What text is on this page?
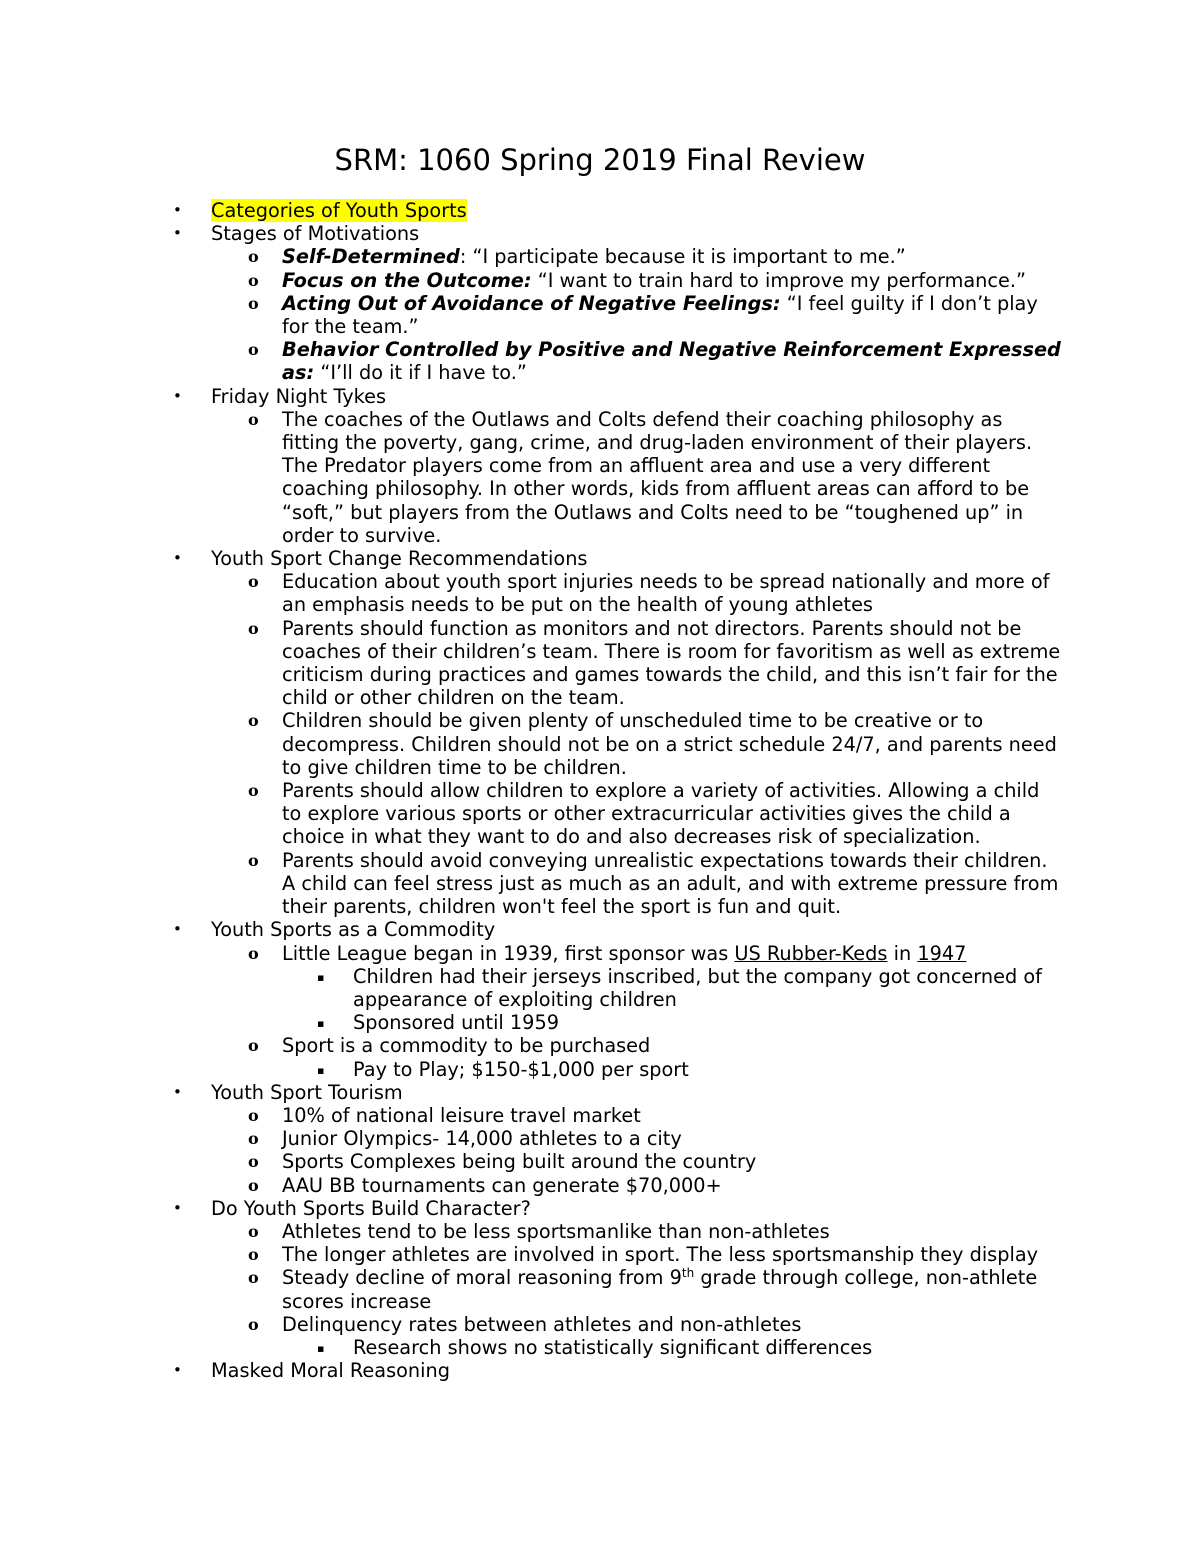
SRM: 1060 Spring 2019 Final Review
• Categories of Youth Sports
• Stages of Motivations
o Self-Determined: “I participate because it is important to me.”
o Focus on the Outcome: “I want to train hard to improve my performance.”
o Acting Out of Avoidance of Negative Feelings: “I feel guilty if I don’t play for the team.”
o Behavior Controlled by Positive and Negative Reinforcement Expressed as: “I’ll do it if I have to.”
• Friday Night Tykes
o The coaches of the Outlaws and Colts defend their coaching philosophy as fitting the poverty, gang, crime, and drug-laden environment of their players. The Predator players come from an affluent area and use a very different coaching philosophy. In other words, kids from affluent areas can afford to be “soft,” but players from the Outlaws and Colts need to be “toughened up” in order to survive.
• Youth Sport Change Recommendations
o Education about youth sport injuries needs to be spread nationally and more of an emphasis needs to be put on the health of young athletes
o Parents should function as monitors and not directors. Parents should not be coaches of their children’s team. There is room for favoritism as well as extreme criticism during practices and games towards the child, and this isn’t fair for the child or other children on the team.
o Children should be given plenty of unscheduled time to be creative or to decompress. Children should not be on a strict schedule 24/7, and parents need to give children time to be children.
o Parents should allow children to explore a variety of activities. Allowing a child to explore various sports or other extracurricular activities gives the child a choice in what they want to do and also decreases risk of specialization.
o Parents should avoid conveying unrealistic expectations towards their children. A child can feel stress just as much as an adult, and with extreme pressure from their parents, children won't feel the sport is fun and quit.
• Youth Sports as a Commodity
o Little League began in 1939, first sponsor was US Rubber-Keds in 1947
▪ Children had their jerseys inscribed, but the company got concerned of appearance of exploiting children
▪ Sponsored until 1959
o Sport is a commodity to be purchased
▪ Pay to Play; $150-$1,000 per sport
• Youth Sport Tourism
o 10% of national leisure travel market
o Junior Olympics- 14,000 athletes to a city
o Sports Complexes being built around the country
o AAU BB tournaments can generate $70,000+
• Do Youth Sports Build Character?
o Athletes tend to be less sportsmanlike than non-athletes
o The longer athletes are involved in sport. The less sportsmanship they display
o Steady decline of moral reasoning from 9th grade through college, non-athlete scores increase
o Delinquency rates between athletes and non-athletes
▪ Research shows no statistically significant differences
• Masked Moral Reasoning
